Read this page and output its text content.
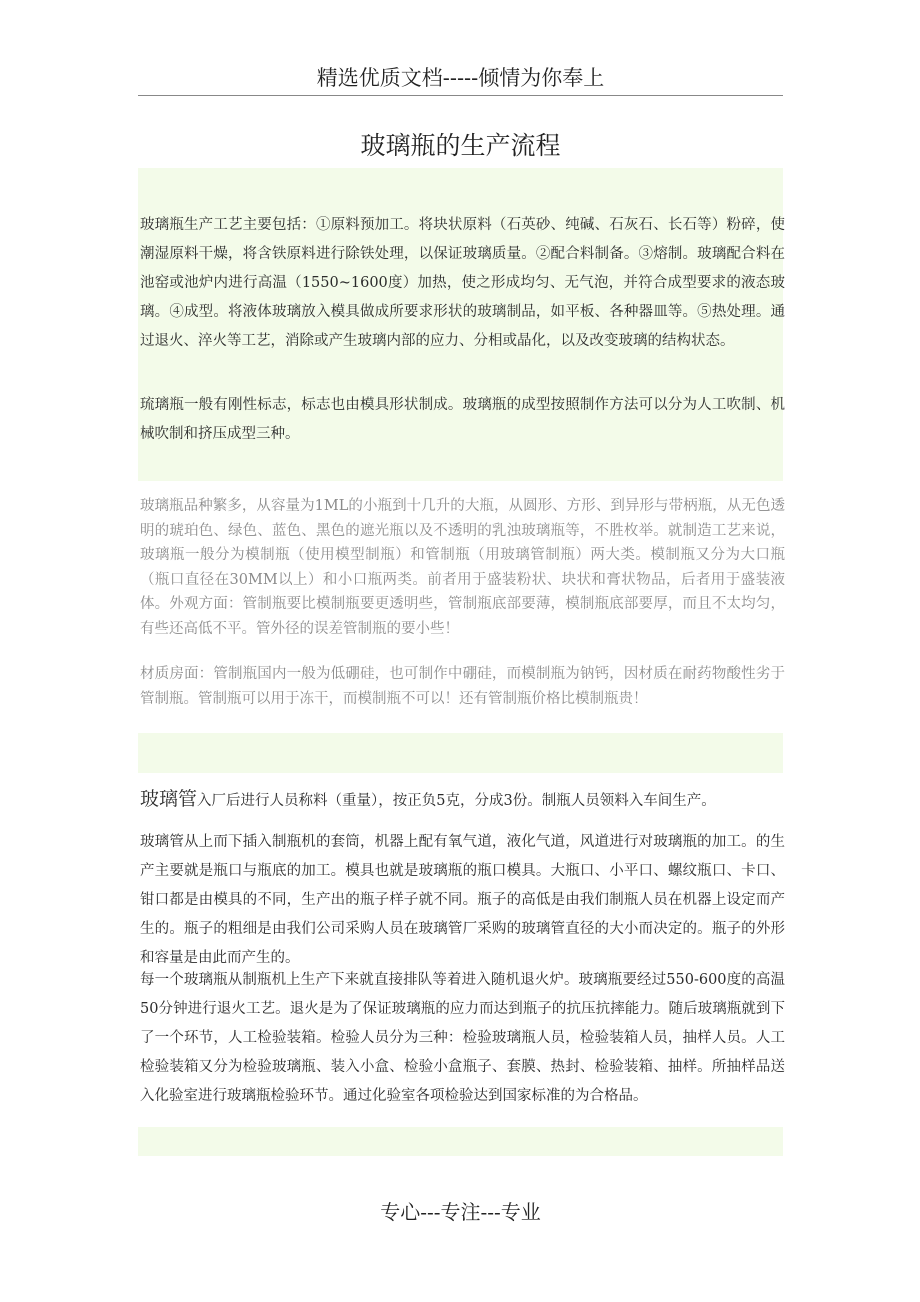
精选优质文档-----倾情为你奉上
玻璃瓶的生产流程
玻璃瓶生产工艺主要包括：①原料预加工。将块状原料（石英砂、纯碱、石灰石、长石等）粉碎，使潮湿原料干燥，将含铁原料进行除铁处理，以保证玻璃质量。②配合料制备。③熔制。玻璃配合料在池窑或池炉内进行高温（1550~1600度）加热，使之形成均匀、无气泡，并符合成型要求的液态玻璃。④成型。将液体玻璃放入模具做成所要求形状的玻璃制品，如平板、各种器皿等。⑤热处理。通过退火、淬火等工艺，消除或产生玻璃内部的应力、分相或晶化，以及改变玻璃的结构状态。
琉璃瓶一般有刚性标志，标志也由模具形状制成。玻璃瓶的成型按照制作方法可以分为人工吹制、机械吹制和挤压成型三种。
玻璃瓶品种繁多，从容量为1ML的小瓶到十几升的大瓶，从圆形、方形、到异形与带柄瓶，从无色透明的琥珀色、绿色、蓝色、黑色的遮光瓶以及不透明的乳浊玻璃瓶等，不胜枚举。就制造工艺来说，玻璃瓶一般分为模制瓶（使用模型制瓶）和管制瓶（用玻璃管制瓶）两大类。模制瓶又分为大口瓶（瓶口直径在30MM以上）和小口瓶两类。前者用于盛装粉状、块状和膏状物品，后者用于盛装液体。外观方面：管制瓶要比模制瓶要更透明些，管制瓶底部要薄，模制瓶底部要厚，而且不太均匀，有些还高低不平。管外径的误差管制瓶的要小些！
材质房面：管制瓶国内一般为低硼硅，也可制作中硼硅，而模制瓶为钠钙，因材质在耐药物酸性劣于管制瓶。管制瓶可以用于冻干，而模制瓶不可以！还有管制瓶价格比模制瓶贵！
玻璃管入厂后进行人员称料（重量），按正负5克，分成3份。制瓶人员领料入车间生产。
玻璃管从上而下插入制瓶机的套筒，机器上配有氧气道，液化气道，风道进行对玻璃瓶的加工。的生产主要就是瓶口与瓶底的加工。模具也就是玻璃瓶的瓶口模具。大瓶口、小平口、螺纹瓶口、卡口、钳口都是由模具的不同，生产出的瓶子样子就不同。瓶子的高低是由我们制瓶人员在机器上设定而产生的。瓶子的粗细是由我们公司采购人员在玻璃管厂采购的玻璃管直径的大小而决定的。瓶子的外形和容量是由此而产生的。
每一个玻璃瓶从制瓶机上生产下来就直接排队等着进入随机退火炉。玻璃瓶要经过550-600度的高温50分钟进行退火工艺。退火是为了保证玻璃瓶的应力而达到瓶子的抗压抗摔能力。随后玻璃瓶就到下了一个环节，人工检验装箱。检验人员分为三种：检验玻璃瓶人员，检验装箱人员，抽样人员。人工检验装箱又分为检验玻璃瓶、装入小盒、检验小盒瓶子、套膜、热封、检验装箱、抽样。所抽样品送入化验室进行玻璃瓶检验环节。通过化验室各项检验达到国家标准的为合格品。
专心---专注---专业
